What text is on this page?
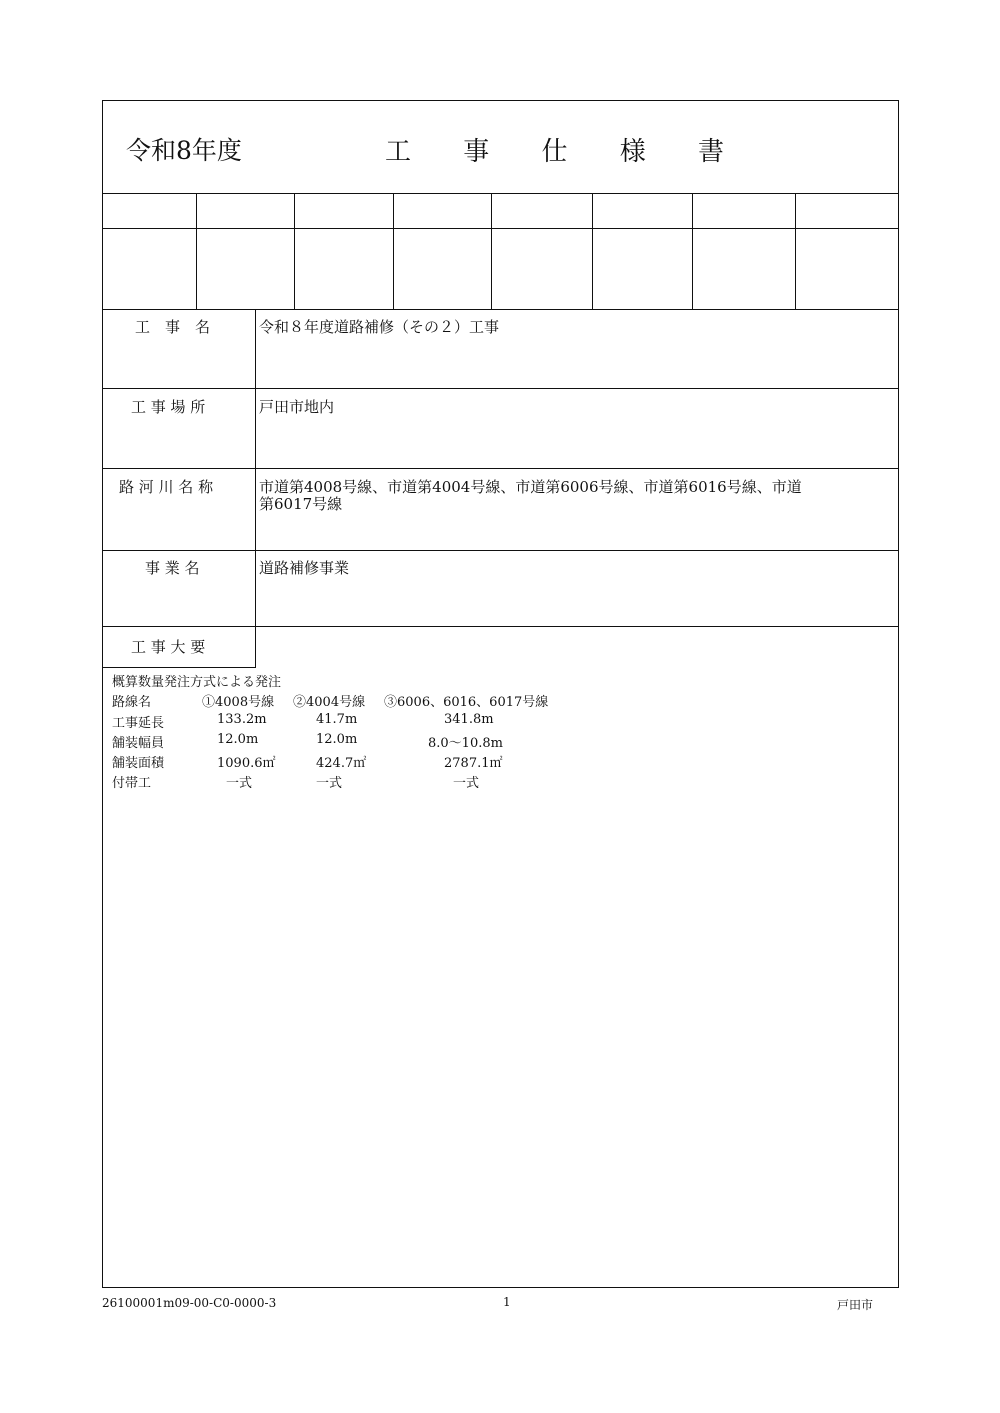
令和8年度	工 事 仕 様 書
工　事　名	令和８年度道路補修（その２）工事
工 事 場 所	戸田市地内
路 河 川 名 称	市道第4008号線、市道第4004号線、市道第6006号線、市道第6016号線、市道
第6017号線
事 業 名	道路補修事業
工 事 大 要
概算数量発注方式による発注
路線名	①4008号線 ②4004号線 ③6006、6016、6017号線
工事延長	133.2m	41.7m	341.8m
舗装幅員	12.0m	12.0m	8.0～10.8m
舗装面積	1090.6㎡	424.7㎡	2787.1㎡
付帯工	一式	一式	一式
26100001m09-00-C0-0000-3	1	戸田市
